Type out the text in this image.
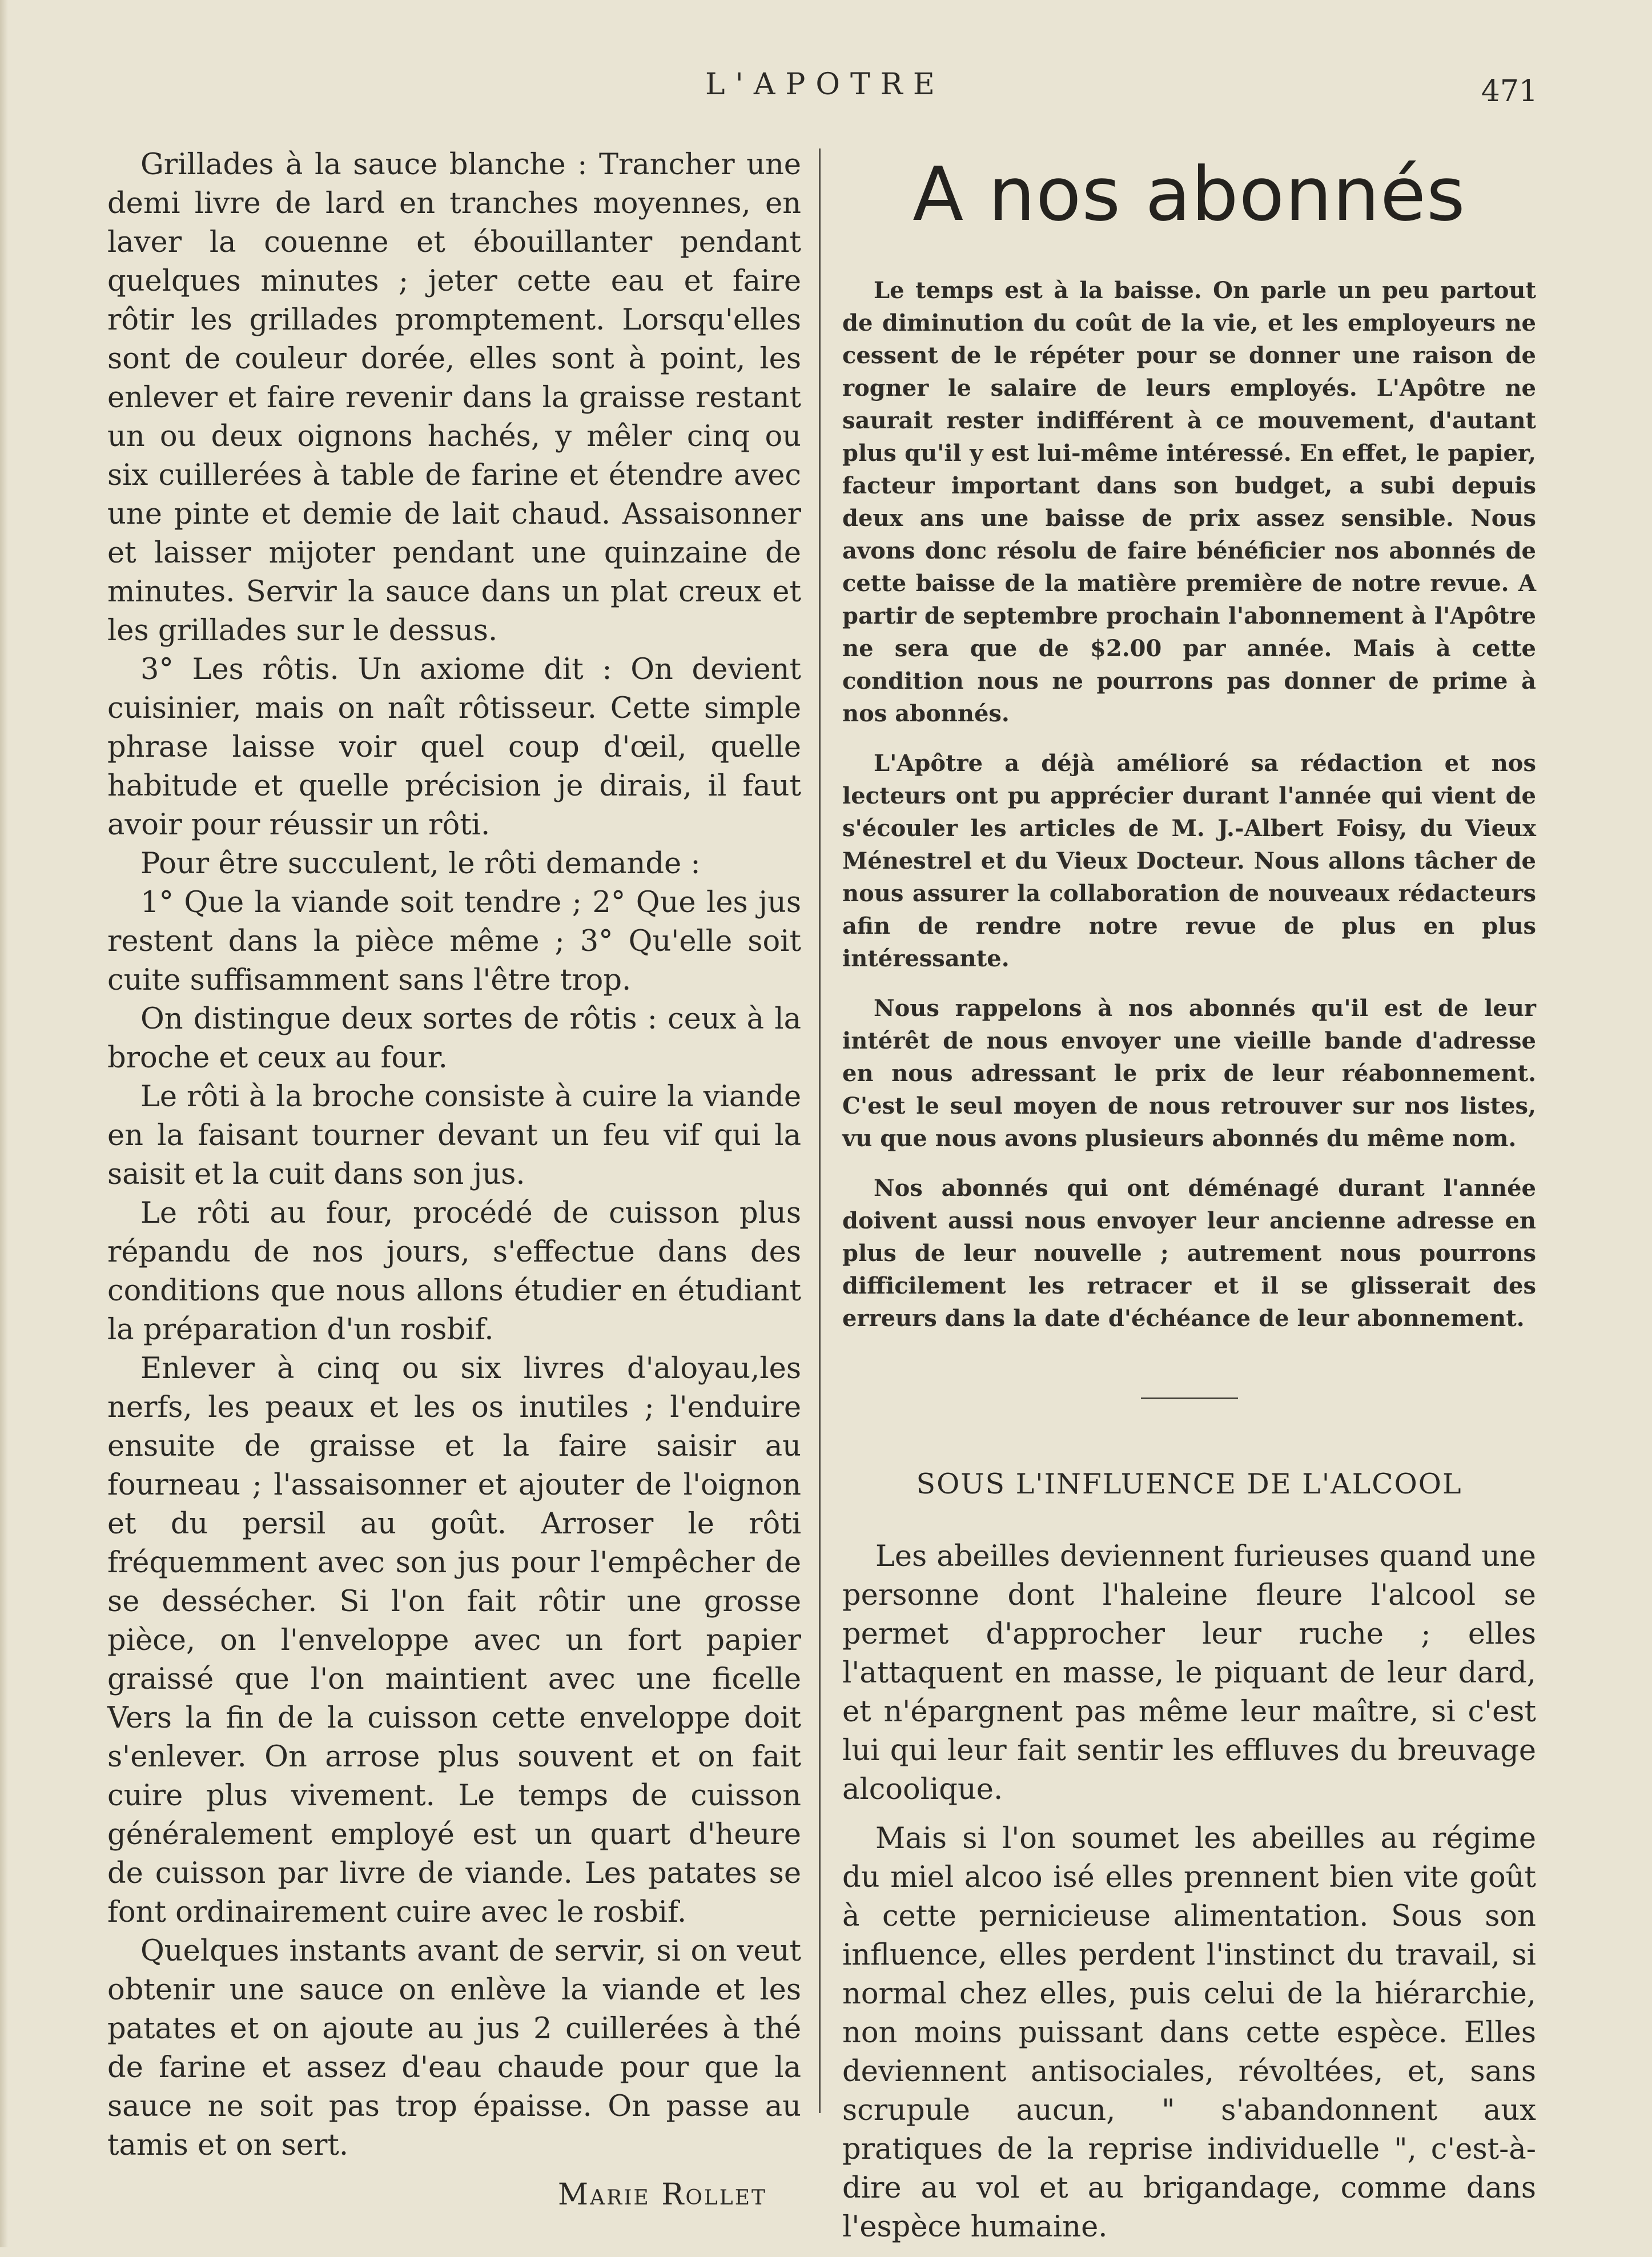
L'APOTRE	471

Grillades à la sauce blanche : Trancher une demi livre de lard en tranches moyennes, en laver la couenne et ébouillanter pendant quelques minutes ; jeter cette eau et faire rôtir les grillades promptement. Lorsqu'elles sont de couleur dorée, elles sont à point, les enlever et faire revenir dans la graisse restant un ou deux oignons hachés, y mêler cinq ou six cuillerées à table de farine et étendre avec une pinte et demie de lait chaud. Assaisonner et laisser mijoter pendant une quinzaine de minutes. Servir la sauce dans un plat creux et les grillades sur le dessus.

3° Les rôtis. Un axiome dit : On devient cuisinier, mais on naît rôtisseur. Cette simple phrase laisse voir quel coup d'œil, quelle habitude et quelle précision je dirais, il faut avoir pour réussir un rôti.

Pour être succulent, le rôti demande :

1° Que la viande soit tendre ; 2° Que les jus restent dans la pièce même ; 3° Qu'elle soit cuite suffisamment sans l'être trop.

On distingue deux sortes de rôtis : ceux à la broche et ceux au four.

Le rôti à la broche consiste à cuire la viande en la faisant tourner devant un feu vif qui la saisit et la cuit dans son jus.

Le rôti au four, procédé de cuisson plus répandu de nos jours, s'effectue dans des conditions que nous allons étudier en étudiant la préparation d'un rosbif.

Enlever à cinq ou six livres d'aloyau,les nerfs, les peaux et les os inutiles ; l'enduire ensuite de graisse et la faire saisir au fourneau ; l'assaisonner et ajouter de l'oignon et du persil au goût. Arroser le rôti fréquemment avec son jus pour l'empêcher de se dessécher. Si l'on fait rôtir une grosse pièce, on l'enveloppe avec un fort papier graissé que l'on maintient avec une ficelle Vers la fin de la cuisson cette enveloppe doit s'enlever. On arrose plus souvent et on fait cuire plus vivement. Le temps de cuisson généralement employé est un quart d'heure de cuisson par livre de viande. Les patates se font ordinairement cuire avec le rosbif.

Quelques instants avant de servir, si on veut obtenir une sauce on enlève la viande et les patates et on ajoute au jus 2 cuillerées à thé de farine et assez d'eau chaude pour que la sauce ne soit pas trop épaisse. On passe au tamis et on sert.

Marie Rollet
A nos abonnés

Le temps est à la baisse. On parle un peu partout de diminution du coût de la vie, et les employeurs ne cessent de le répéter pour se donner une raison de rogner le salaire de leurs employés. L'Apôtre ne saurait rester indifférent à ce mouvement, d'autant plus qu'il y est lui-même intéressé. En effet, le papier, facteur important dans son budget, a subi depuis deux ans une baisse de prix assez sensible. Nous avons donc résolu de faire bénéficier nos abonnés de cette baisse de la matière première de notre revue. A partir de septembre prochain l'abonnement à l'Apôtre ne sera que de $2.00 par année. Mais à cette condition nous ne pourrons pas donner de prime à nos abonnés.

L'Apôtre a déjà amélioré sa rédaction et nos lecteurs ont pu apprécier durant l'année qui vient de s'écouler les articles de M. J.-Albert Foisy, du Vieux Ménestrel et du Vieux Docteur. Nous allons tâcher de nous assurer la collaboration de nouveaux rédacteurs afin de rendre notre revue de plus en plus intéressante.

Nous rappelons à nos abonnés qu'il est de leur intérêt de nous envoyer une vieille bande d'adresse en nous adressant le prix de leur réabonnement. C'est le seul moyen de nous retrouver sur nos listes, vu que nous avons plusieurs abonnés du même nom.

Nos abonnés qui ont déménagé durant l'année doivent aussi nous envoyer leur ancienne adresse en plus de leur nouvelle ; autrement nous pourrons difficilement les retracer et il se glisserait des erreurs dans la date d'échéance de leur abonnement.

SOUS L'INFLUENCE DE L'ALCOOL

Les abeilles deviennent furieuses quand une personne dont l'haleine fleure l'alcool se permet d'approcher leur ruche ; elles l'attaquent en masse, le piquant de leur dard, et n'épargnent pas même leur maître, si c'est lui qui leur fait sentir les effluves du breuvage alcoolique.

Mais si l'on soumet les abeilles au régime du miel alcoo isé elles prennent bien vite goût à cette pernicieuse alimentation. Sous son influence, elles perdent l'instinct du travail, si normal chez elles, puis celui de la hiérarchie, non moins puissant dans cette espèce. Elles deviennent antisociales, révoltées, et, sans scrupule aucun, " s'abandonnent aux pratiques de la reprise individuelle ", c'est-à-dire au vol et au brigandage, comme dans l'espèce humaine.
